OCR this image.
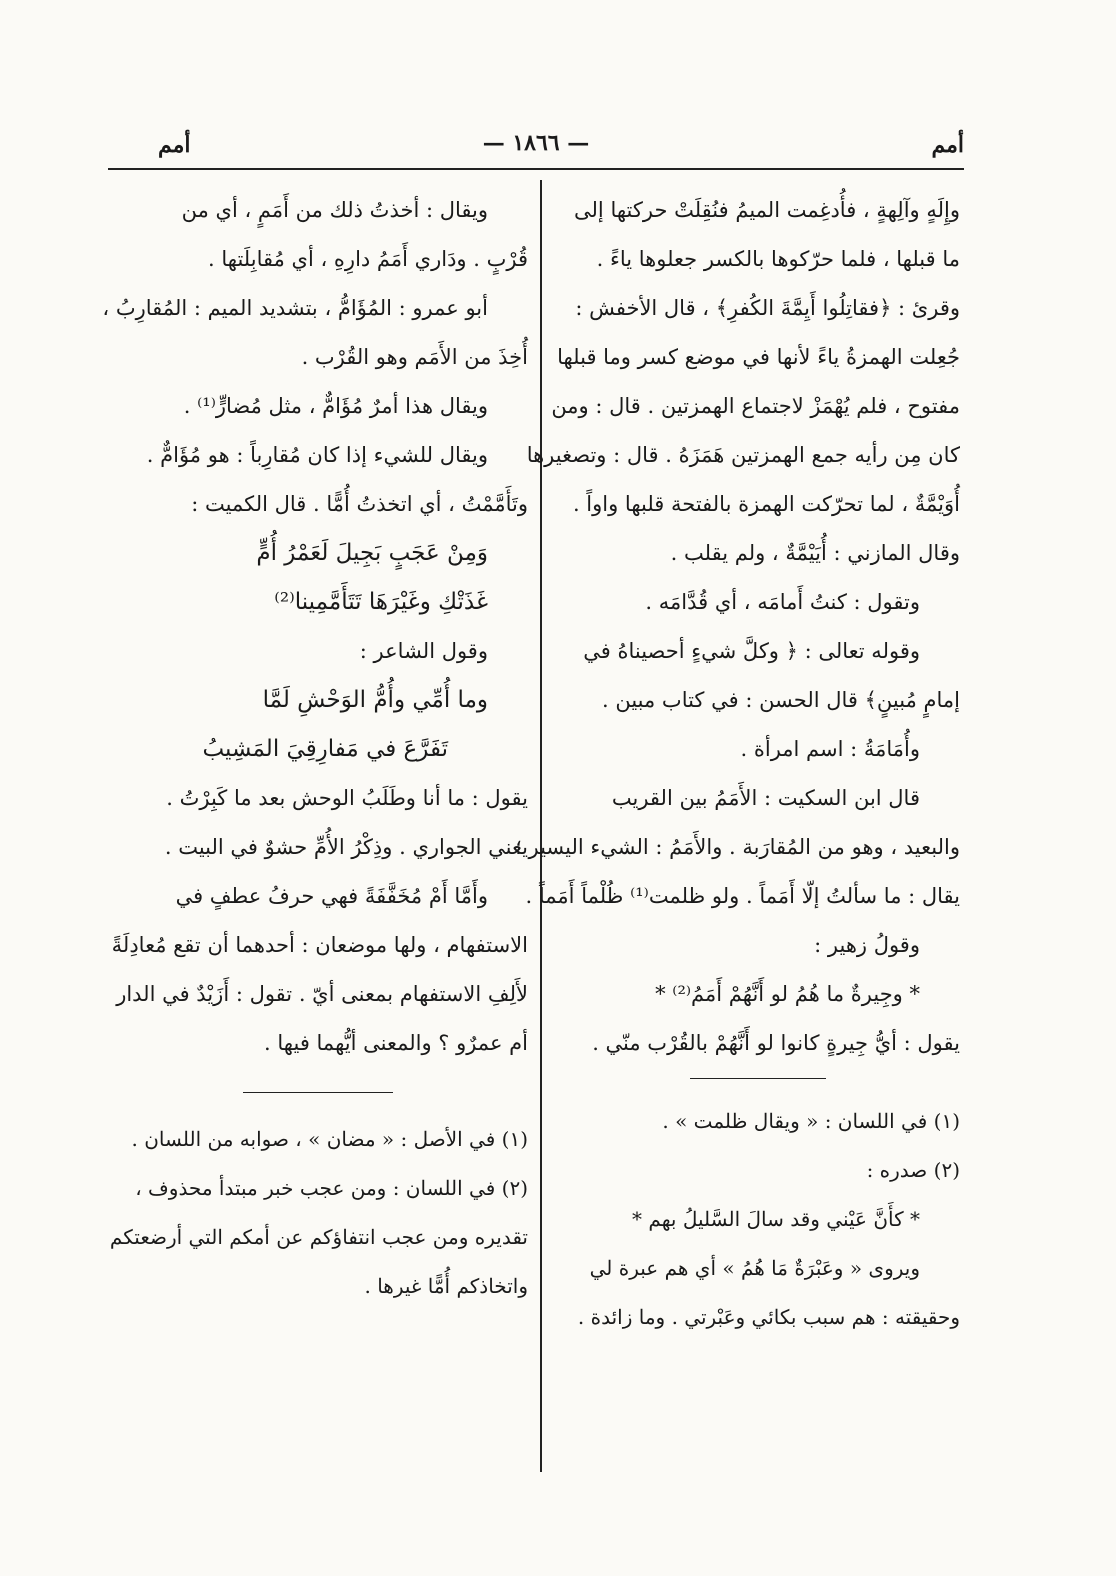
أمم
— ١٨٦٦ —
أمم
وإِلَهٍ وآلِهةٍ ، فأُدغِمت الميمُ فنُقِلَتْ حركتها إلى
ما قبلها ، فلما حرّكوها بالكسر جعلوها ياءً .
وقرئ : ﴿فقاتِلُوا أَيِمَّةَ الكُفرِ﴾ ، قال الأخفش :
جُعِلت الهمزةُ ياءً لأنها في موضع كسر وما قبلها
مفتوح ، فلم يُهْمَزْ لاجتماع الهمزتين . قال : ومن
كان مِن رأيه جمع الهمزتين هَمَزَهُ . قال : وتصغيرها
أُوَيْمَّةٌ ، لما تحرّكت الهمزة بالفتحة قلبها واواً .
وقال المازني : أُيَيْمَّةٌ ، ولم يقلب .
وتقول : كنتُ أَمامَه ، أي قُدَّامَه .
وقوله تعالى : ﴿ وكلَّ شيءٍ أحصيناهُ في
إمامٍ مُبينٍ﴾ قال الحسن : في كتاب مبين .
وأُمَامَةُ : اسم امرأة .
قال ابن السكيت : الأَمَمُ بين القريب
والبعيد ، وهو من المُقارَبة . والأَمَمُ : الشيء اليسير ؛
يقال : ما سألتُ إلّا أَمَماً . ولو ظلمت⁽¹⁾ ظُلْماً أَمَماً .
وقولُ زهير :
* وجِيرةٌ ما هُمُ لو أَنَّهُمْ أَمَمُ⁽²⁾ *
يقول : أيُّ جِيرةٍ كانوا لو أَنَّهُمْ بالقُرْب منّي .
(١) في اللسان : « ويقال ظلمت » .
(٢) صدره :
* كأَنَّ عَيْني وقد سالَ السَّليلُ بهم *
ويروى « وعَبْرَةٌ مَا هُمُ » أي هم عبرة لي
وحقيقته : هم سبب بكائي وعَبْرتي . وما زائدة .
ويقال : أخذتُ ذلك من أَمَمٍ ، أي من
قُرْبٍ . ودَاري أَمَمُ دارِهِ ، أي مُقابِلَتها .
أبو عمرو : المُؤَامُّ ، بتشديد الميم : المُقارِبُ ،
أُخِذَ من الأَمَم وهو القُرْب .
ويقال هذا أمرٌ مُؤَامٌّ ، مثل مُضارٍّ⁽¹⁾ .
ويقال للشيء إذا كان مُقارِباً : هو مُؤَامٌّ .
وتَأَمَّمْتُ ، أي اتخذتُ أُمًّا . قال الكميت :
وَمِنْ عَجَبٍ بَجِيلَ لَعَمْرُ أُمٍّ
غَذَتْكِ وغَيْرَهَا تَتَأَمَّمِينا⁽²⁾
وقول الشاعر :
وما أُمِّي وأُمُّ الوَحْشِ لَمَّا
تَفَرَّعَ في مَفارِقِيَ المَشِيبُ
يقول : ما أنا وطَلَبُ الوحش بعد ما كَبِرْتُ .
يعني الجواري . وذِكْرُ الأُمِّ حشوٌ في البيت .
وأَمَّا أَمْ مُخَفَّفَةً فهي حرفُ عطفٍ في
الاستفهام ، ولها موضعان : أحدهما أن تقع مُعادِلَةً
لأَلِفِ الاستفهام بمعنى أيّ . تقول : أَزَيْدٌ في الدار
أم عمرٌو ؟ والمعنى أيُّهما فيها .
(١) في الأصل : « مضان » ، صوابه من اللسان .
(٢) في اللسان : ومن عجب خبر مبتدأ محذوف ،
تقديره ومن عجب انتفاؤكم عن أمكم التي أرضعتكم
واتخاذكم أُمًّا غيرها .
